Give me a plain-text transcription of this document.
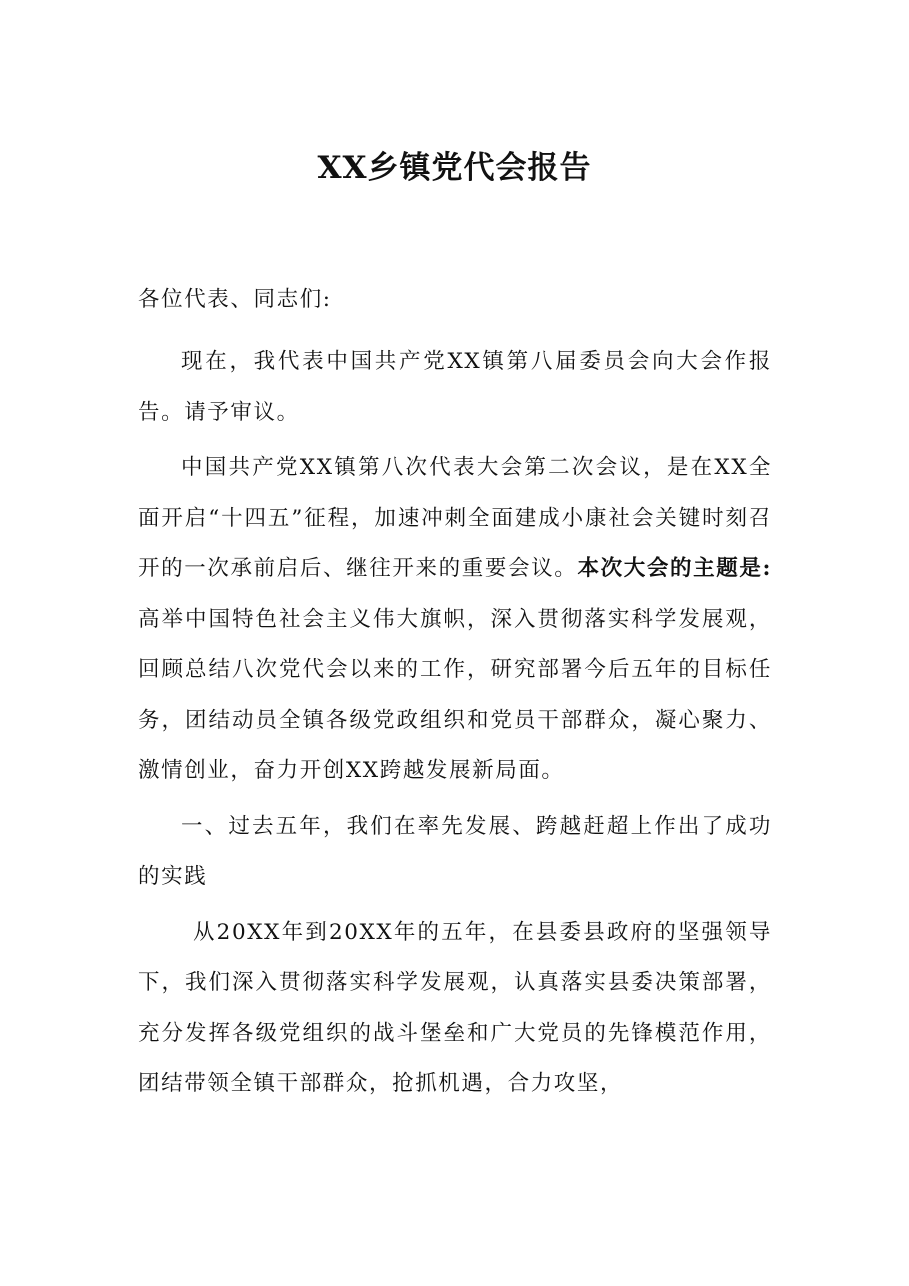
XX乡镇党代会报告
各位代表、同志们:

现在，我代表中国共产党XX镇第八届委员会向大会作报告。请予审议。

中国共产党XX镇第八次代表大会第二次会议，是在XX全面开启“十四五”征程，加速冲刺全面建成小康社会关键时刻召开的一次承前启后、继往开来的重要会议。本次大会的主题是:高举中国特色社会主义伟大旗帜，深入贯彻落实科学发展观，回顾总结八次党代会以来的工作，研究部署今后五年的目标任务，团结动员全镇各级党政组织和党员干部群众，凝心聚力、激情创业，奋力开创XX跨越发展新局面。

一、过去五年，我们在率先发展、跨越赶超上作出了成功的实践

从20XX年到20XX年的五年，在县委县政府的坚强领导下，我们深入贯彻落实科学发展观，认真落实县委决策部署，充分发挥各级党组织的战斗堡垒和广大党员的先锋模范作用，团结带领全镇干部群众，抢抓机遇，合力攻坚，
